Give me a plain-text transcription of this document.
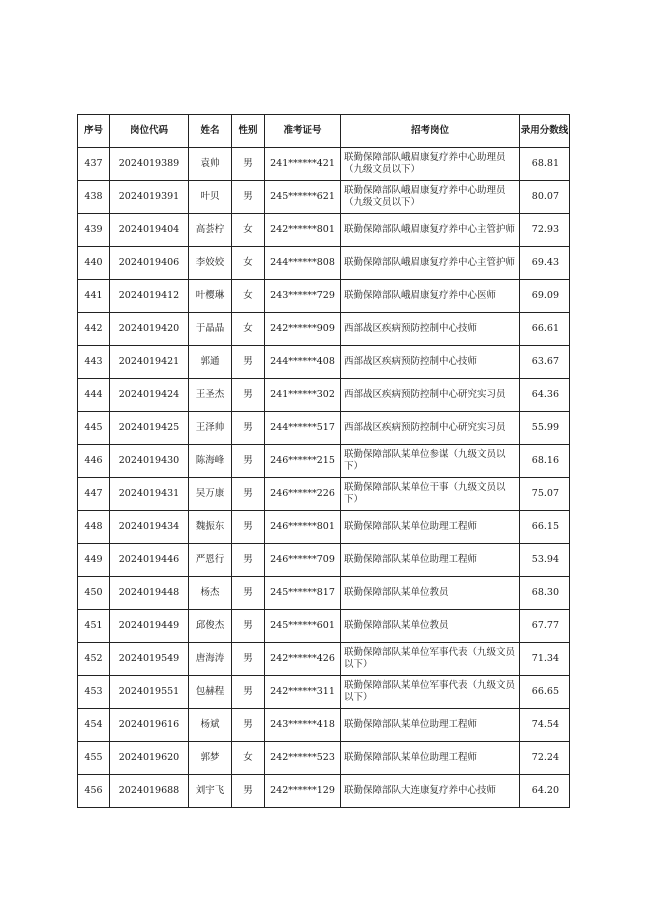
序号	岗位代码	姓名	性别	准考证号	招考岗位	录用分数线
437	2024019389	袁帅	男	241******421	联勤保障部队峨眉康复疗养中心助理员（九级文员以下）	68.81
438	2024019391	叶贝	男	245******621	联勤保障部队峨眉康复疗养中心助理员（九级文员以下）	80.07
439	2024019404	高荟柠	女	242******801	联勤保障部队峨眉康复疗养中心主管护师	72.93
440	2024019406	李姣姣	女	244******808	联勤保障部队峨眉康复疗养中心主管护师	69.43
441	2024019412	叶樱琳	女	243******729	联勤保障部队峨眉康复疗养中心医师	69.09
442	2024019420	于晶晶	女	242******909	西部战区疾病预防控制中心技师	66.61
443	2024019421	郭通	男	244******408	西部战区疾病预防控制中心技师	63.67
444	2024019424	王圣杰	男	241******302	西部战区疾病预防控制中心研究实习员	64.36
445	2024019425	王泽帅	男	244******517	西部战区疾病预防控制中心研究实习员	55.99
446	2024019430	陈海峰	男	246******215	联勤保障部队某单位参谋（九级文员以下）	68.16
447	2024019431	吴万康	男	246******226	联勤保障部队某单位干事（九级文员以下）	75.07
448	2024019434	魏振东	男	246******801	联勤保障部队某单位助理工程师	66.15
449	2024019446	严恩行	男	246******709	联勤保障部队某单位助理工程师	53.94
450	2024019448	杨杰	男	245******817	联勤保障部队某单位教员	68.30
451	2024019449	邱俊杰	男	245******601	联勤保障部队某单位教员	67.77
452	2024019549	唐海涛	男	242******426	联勤保障部队某单位军事代表（九级文员以下）	71.34
453	2024019551	包赫程	男	242******311	联勤保障部队某单位军事代表（九级文员以下）	66.65
454	2024019616	杨斌	男	243******418	联勤保障部队某单位助理工程师	74.54
455	2024019620	郭梦	女	242******523	联勤保障部队某单位助理工程师	72.24
456	2024019688	刘宇飞	男	242******129	联勤保障部队大连康复疗养中心技师	64.20
